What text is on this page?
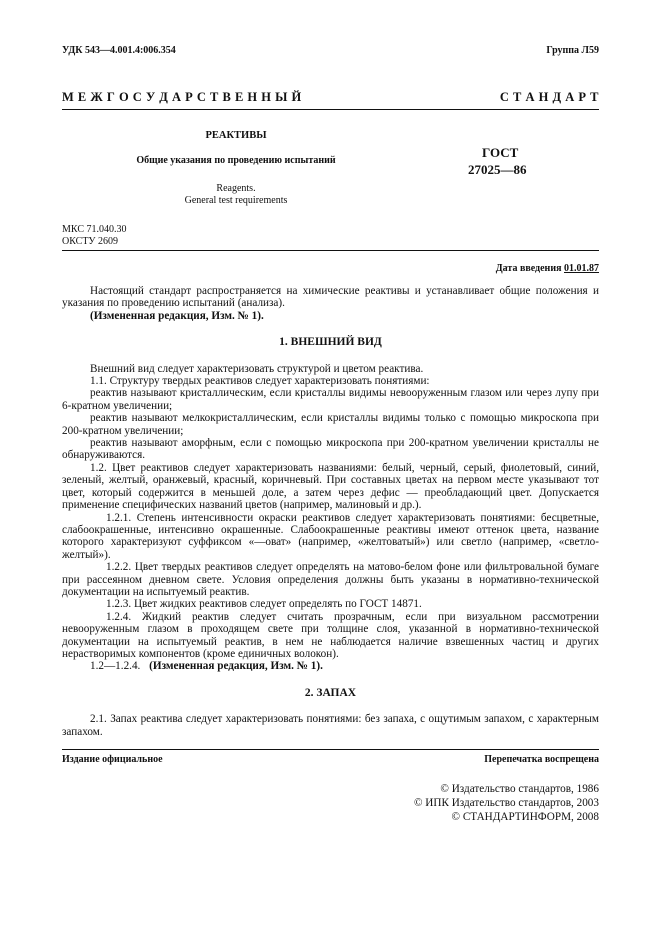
УДК 543—4.001.4:006.354	Группа Л59
М Е Ж Г О С У Д А Р С Т В Е Н Н Ы Й	С Т А Н Д А Р Т
РЕАКТИВЫ
Общие указания по проведению испытаний
Reagents.
General test requirements
ГОСТ
27025—86
МКС 71.040.30
ОКСТУ 2609
Дата введения 01.01.87

Настоящий стандарт распространяется на химические реактивы и устанавливает общие положения и указания по проведению испытаний (анализа).

(Измененная редакция, Изм. № 1).

1. ВНЕШНИЙ ВИД

Внешний вид следует характеризовать структурой и цветом реактива.

1.1. Структуру твердых реактивов следует характеризовать понятиями:

реактив называют кристаллическим, если кристаллы видимы невооруженным глазом или через лупу при 6-кратном увеличении;

реактив называют мелкокристаллическим, если кристаллы видимы только с помощью микроскопа при 200-кратном увеличении;

реактив называют аморфным, если с помощью микроскопа при 200-кратном увеличении кристаллы не обнаруживаются.

1.2. Цвет реактивов следует характеризовать названиями: белый, черный, серый, фиолетовый, синий, зеленый, желтый, оранжевый, красный, коричневый. При составных цветах на первом месте указывают тот цвет, который содержится в меньшей доле, а затем через дефис — преобладающий цвет. Допускается применение специфических названий цветов (например, малиновый и др.).

1.2.1. Степень интенсивности окраски реактивов следует характеризовать понятиями: бесцветные, слабоокрашенные, интенсивно окрашенные. Слабоокрашенные реактивы имеют оттенок цвета, название которого характеризуют суффиксом «—оват» (например, «желтоватый») или светло (например, «светло-желтый»).

1.2.2. Цвет твердых реактивов следует определять на матово-белом фоне или фильтровальной бумаге при рассеянном дневном свете. Условия определения должны быть указаны в нормативно-технической документации на испытуемый реактив.

1.2.3. Цвет жидких реактивов следует определять по ГОСТ 14871.

1.2.4. Жидкий реактив следует считать прозрачным, если при визуальном рассмотрении невооруженным глазом в проходящем свете при толщине слоя, указанной в нормативно-технической документации на испытуемый реактив, в нем не наблюдается наличие взвешенных частиц и других нерастворимых компонентов (кроме единичных волокон).

1.2—1.2.4. (Измененная редакция, Изм. № 1).

2. ЗАПАХ

2.1. Запах реактива следует характеризовать понятиями: без запаха, с ощутимым запахом, с характерным запахом.

Издание официальное	Перепечатка воспрещена
© Издательство стандартов, 1986
© ИПК Издательство стандартов, 2003
© СТАНДАРТИНФОРМ, 2008
